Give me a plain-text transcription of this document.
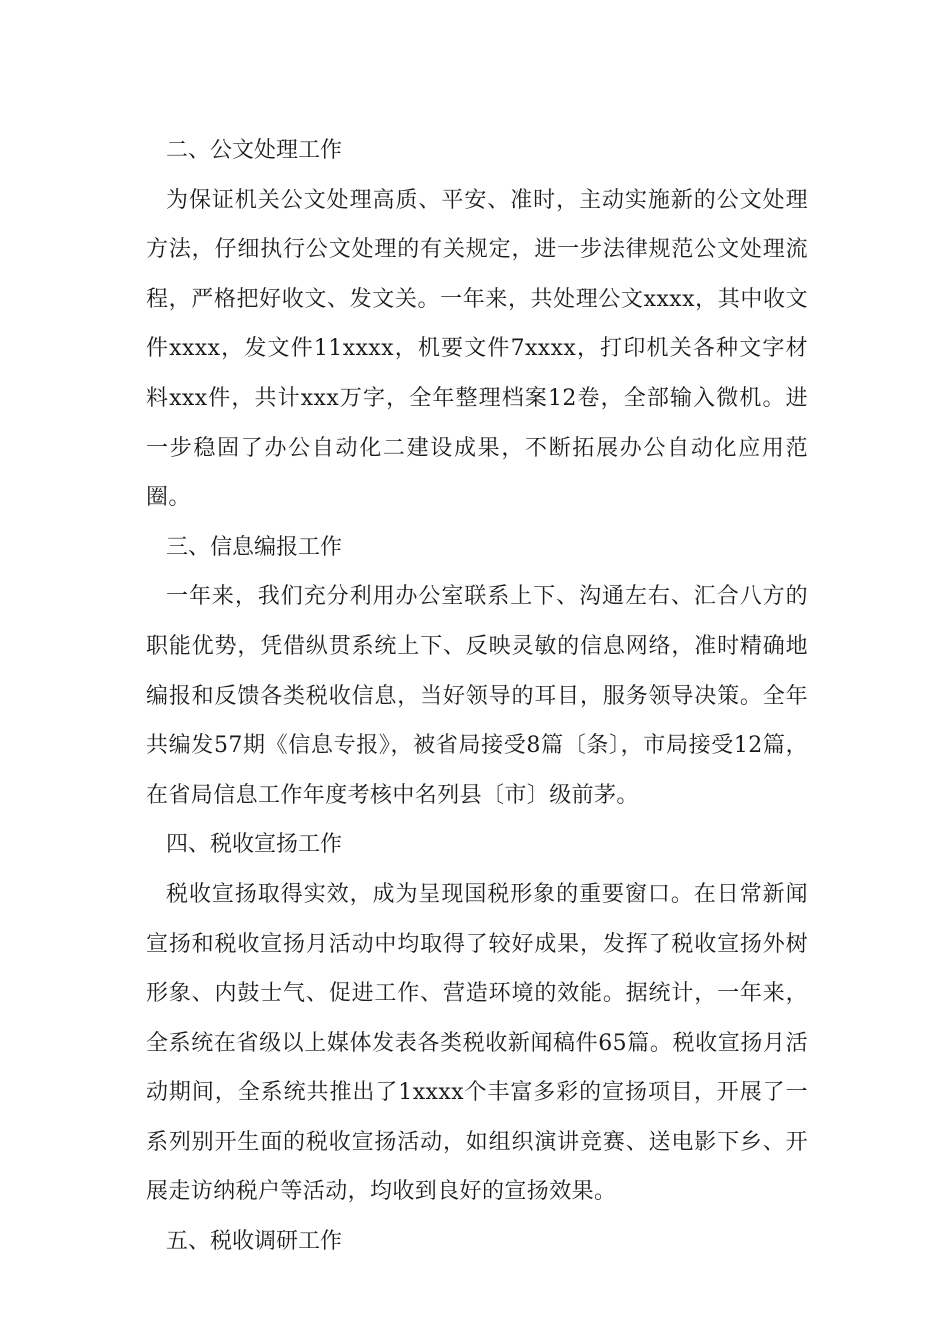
二、公文处理工作

为保证机关公文处理高质、平安、准时，主动实施新的公文处理方法，仔细执行公文处理的有关规定，进一步法律规范公文处理流程，严格把好收文、发文关。一年来，共处理公文xxxx，其中收文件xxxx，发文件11xxxx，机要文件7xxxx，打印机关各种文字材料xxx件，共计xxx万字，全年整理档案12卷，全部输入微机。进一步稳固了办公自动化二建设成果，不断拓展办公自动化应用范圈。

三、信息编报工作

一年来，我们充分利用办公室联系上下、沟通左右、汇合八方的职能优势，凭借纵贯系统上下、反映灵敏的信息网络，准时精确地编报和反馈各类税收信息，当好领导的耳目，服务领导决策。全年共编发57期《信息专报》，被省局接受8篇〔条〕，市局接受12篇，在省局信息工作年度考核中名列县〔市〕级前茅。

四、税收宣扬工作

税收宣扬取得实效，成为呈现国税形象的重要窗口。在日常新闻宣扬和税收宣扬月活动中均取得了较好成果，发挥了税收宣扬外树形象、内鼓士气、促进工作、营造环境的效能。据统计，一年来，全系统在省级以上媒体发表各类税收新闻稿件65篇。税收宣扬月活动期间，全系统共推出了1xxxx个丰富多彩的宣扬项目，开展了一系列别开生面的税收宣扬活动，如组织演讲竞赛、送电影下乡、开展走访纳税户等活动，均收到良好的宣扬效果。

五、税收调研工作
